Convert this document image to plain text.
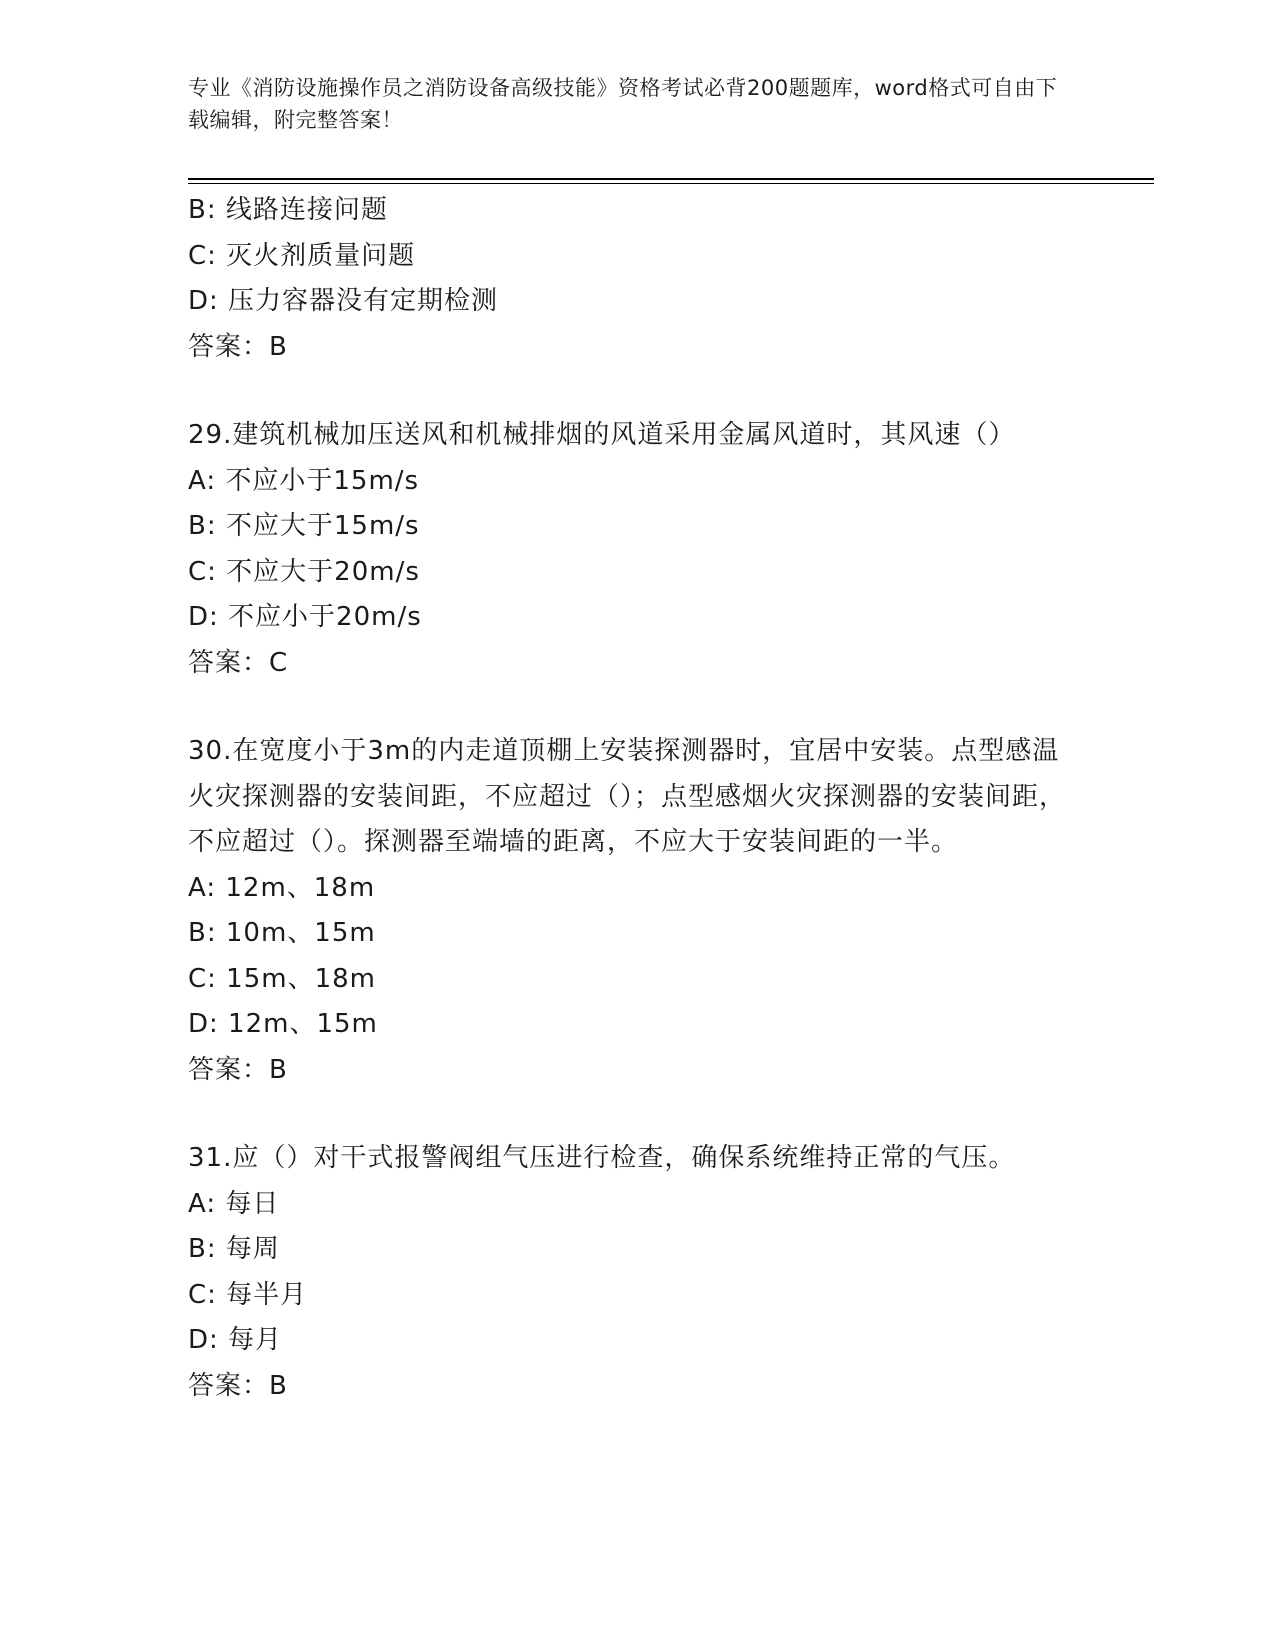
专业《消防设施操作员之消防设备高级技能》资格考试必背200题题库，word格式可自由下载编辑，附完整答案！
B: 线路连接问题
C: 灭火剂质量问题
D: 压力容器没有定期检测
答案：B
29.建筑机械加压送风和机械排烟的风道采用金属风道时，其风速（）
A: 不应小于15m/s
B: 不应大于15m/s
C: 不应大于20m/s
D: 不应小于20m/s
答案：C
30.在宽度小于3m的内走道顶棚上安装探测器时，宜居中安装。点型感温火灾探测器的安装间距，不应超过（）；点型感烟火灾探测器的安装间距，不应超过（）。探测器至端墙的距离，不应大于安装间距的一半。
A: 12m、18m
B: 10m、15m
C: 15m、18m
D: 12m、15m
答案：B
31.应（）对干式报警阀组气压进行检查，确保系统维持正常的气压。
A: 每日
B: 每周
C: 每半月
D: 每月
答案：B
